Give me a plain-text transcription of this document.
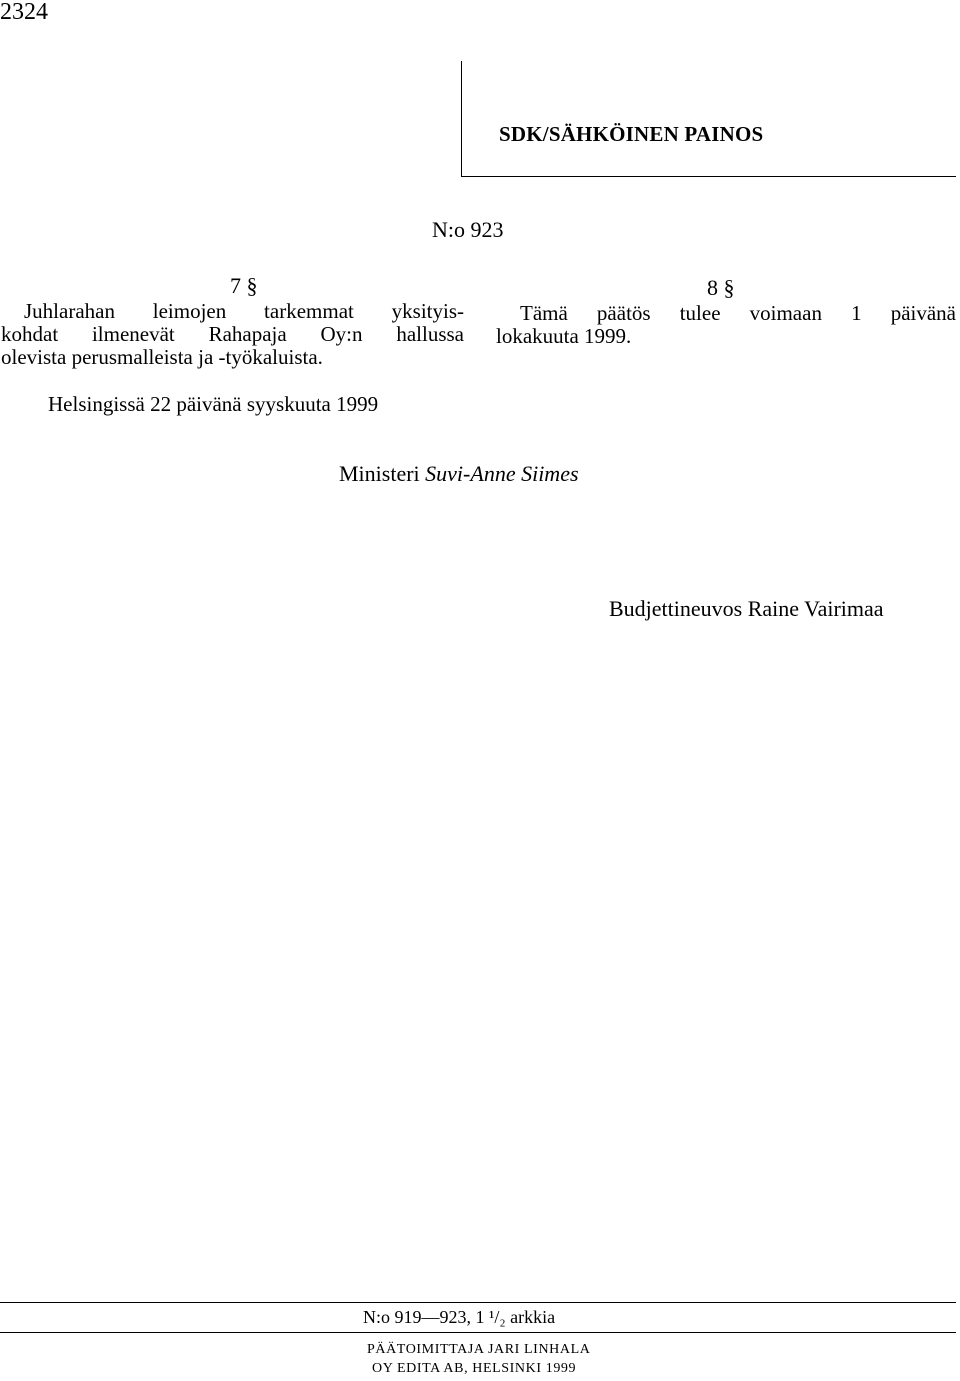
2324
SDK/SÄHKÖINEN PAINOS
N:o 923
7 §
Juhlarahan leimojen tarkemmat yksityis-
kohdat ilmenevät Rahapaja Oy:n hallussa
olevista perusmalleista ja -työkaluista.
8 §
Tämä päätös tulee voimaan 1 päivänä
lokakuuta 1999.
Helsingissä 22 päivänä syyskuuta 1999
Ministeri Suvi-Anne Siimes
Budjettineuvos Raine Vairimaa
N:o 919—923, 1 ¹/₂ arkkia
PÄÄTOIMITTAJA JARI LINHALA
OY EDITA AB, HELSINKI 1999
